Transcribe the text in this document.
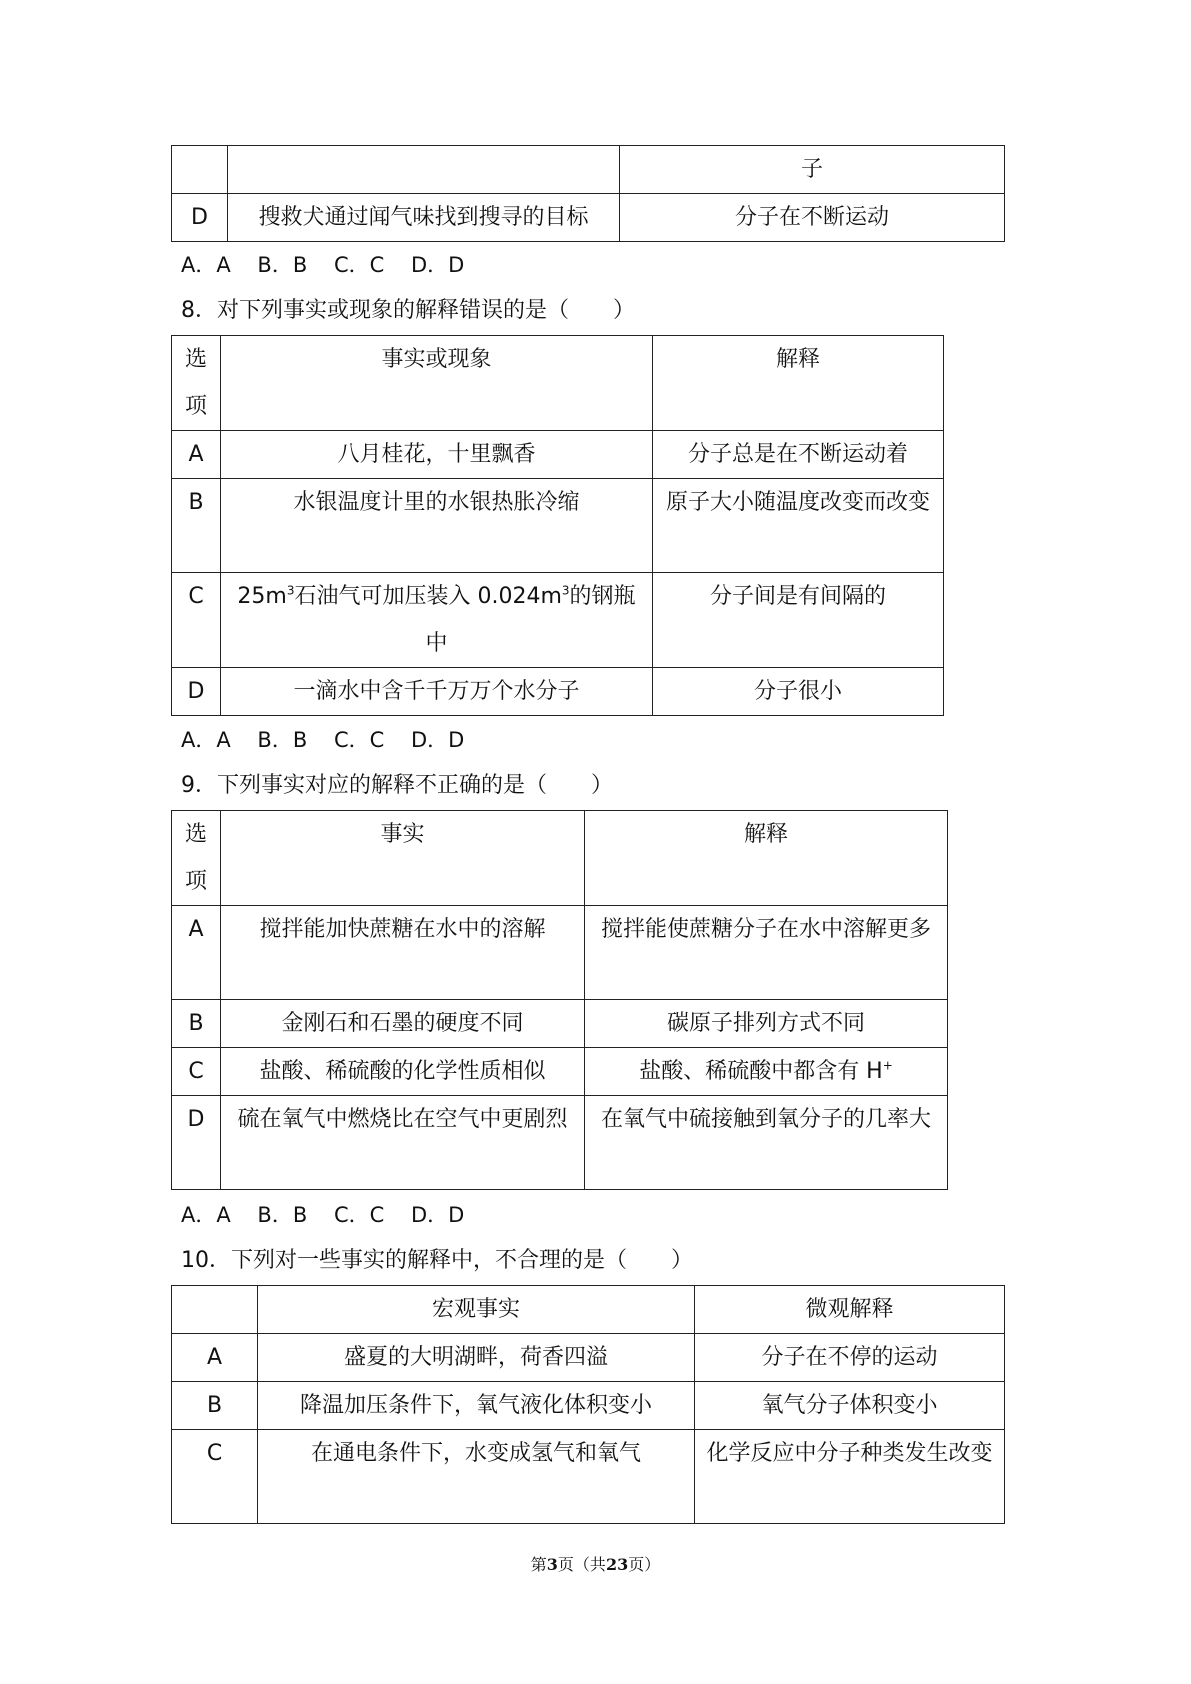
		子
D	搜救犬通过闻气味找到搜寻的目标	分子在不断运动
A．A    B．B    C．C    D．D
8．对下列事实或现象的解释错误的是（　　）
选项	事实或现象	解释
A	八月桂花，十里飘香	分子总是在不断运动着
B	水银温度计里的水银热胀冷缩	原子大小随温度改变而改变
C	$25m^3$石油气可加压装入 $0.024m^3$的钢瓶中	分子间是有间隔的
D	一滴水中含千千万万个水分子	分子很小
A．A    B．B    C．C    D．D
9．下列事实对应的解释不正确的是（　　）
选项	事实	解释
A	搅拌能加快蔗糖在水中的溶解	搅拌能使蔗糖分子在水中溶解更多
B	金刚石和石墨的硬度不同	碳原子排列方式不同
C	盐酸、稀硫酸的化学性质相似	盐酸、稀硫酸中都含有 H+
D	硫在氧气中燃烧比在空气中更剧烈	在氧气中硫接触到氧分子的几率大
A．A    B．B    C．C    D．D
10．下列对一些事实的解释中，不合理的是（　　）
	宏观事实	微观解释
A	盛夏的大明湖畔，荷香四溢	分子在不停的运动
B	降温加压条件下，氧气液化体积变小	氧气分子体积变小
C	在通电条件下，水变成氢气和氧气	化学反应中分子种类发生改变
第3页（共23页）
